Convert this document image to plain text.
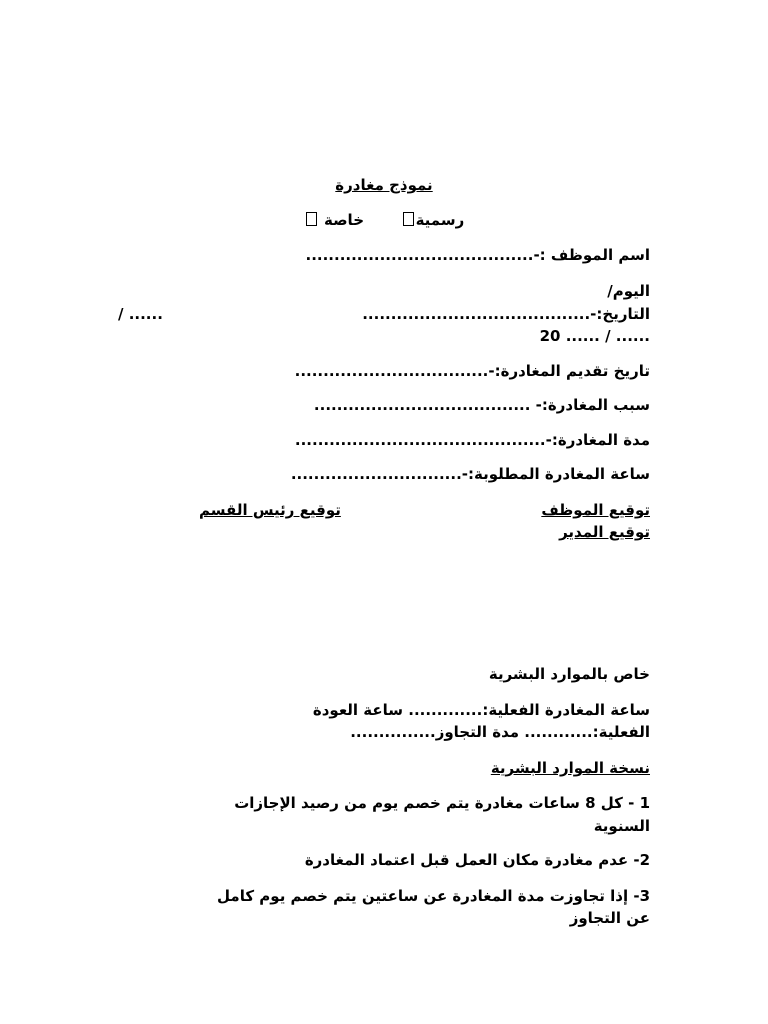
نموذج مغادرة
رسمية       خاصة
اسم الموظف :-........................................
اليوم/
التاريخ:-........................................
/ ......
...... / ...... 20
تاريخ تقديم المغادرة:-..................................
سبب المغادرة:- ......................................
مدة المغادرة:-............................................
ساعة المغادرة المطلوبة:-..............................
توقيع الموظف
توقيع رئيس القسم
توقيع المدير
خاص بالموارد البشرية
ساعة المغادرة الفعلية:............. ساعة العودة
الفعلية:............ مدة التجاوز...............
نسخة الموارد البشرية
1 - كل 8 ساعات مغادرة يتم خصم يوم من رصيد الإجازات
السنوية
2- عدم مغادرة مكان العمل قبل اعتماد المغادرة
3- إذا تجاوزت مدة المغادرة عن ساعتين يتم خصم يوم كامل
عن التجاوز
